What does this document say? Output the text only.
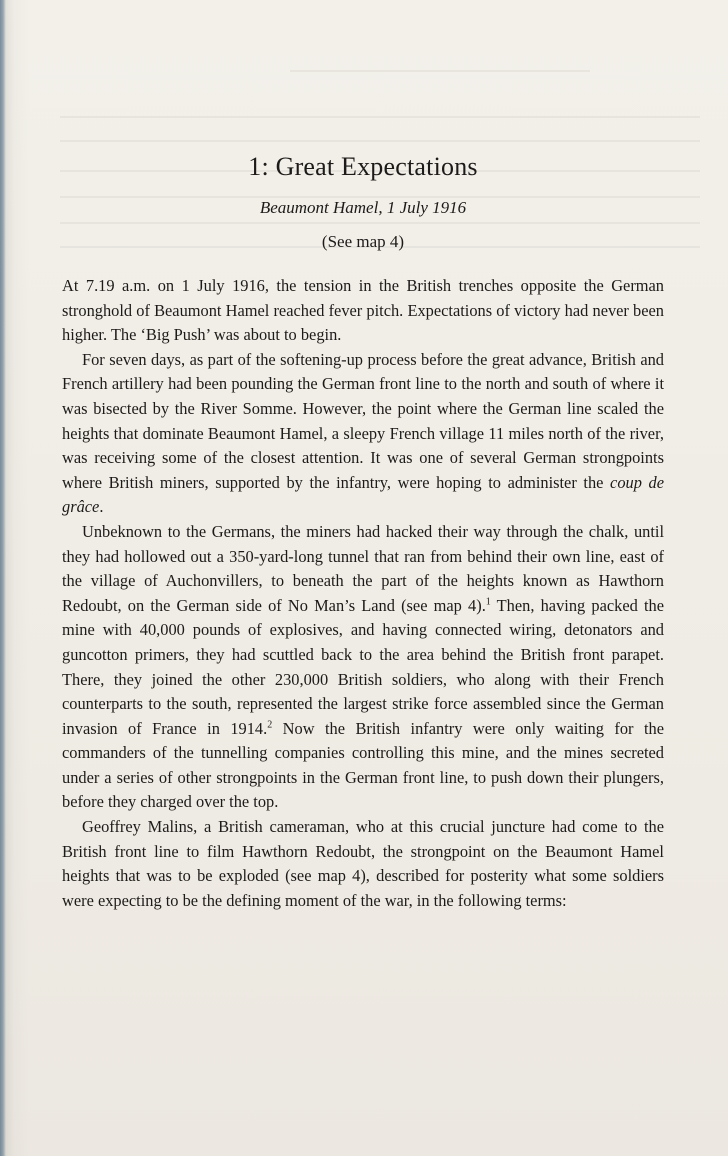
1: Great Expectations
Beaumont Hamel, 1 July 1916
(See map 4)

At 7.19 a.m. on 1 July 1916, the tension in the British trenches opposite the German stronghold of Beaumont Hamel reached fever pitch. Expectations of victory had never been higher. The ‘Big Push’ was about to begin.

For seven days, as part of the softening-up process before the great advance, British and French artillery had been pounding the German front line to the north and south of where it was bisected by the River Somme. However, the point where the German line scaled the heights that dominate Beaumont Hamel, a sleepy French village 11 miles north of the river, was receiving some of the closest attention. It was one of several German strongpoints where British miners, supported by the infantry, were hoping to administer the coup de grâce.

Unbeknown to the Germans, the miners had hacked their way through the chalk, until they had hollowed out a 350-yard-long tunnel that ran from behind their own line, east of the village of Auchonvillers, to beneath the part of the heights known as Hawthorn Redoubt, on the German side of No Man’s Land (see map 4).$^1$ Then, having packed the mine with 40,000 pounds of explosives, and having connected wiring, detonators and guncotton primers, they had scuttled back to the area behind the British front parapet. There, they joined the other 230,000 British soldiers, who along with their French counterparts to the south, represented the largest strike force assembled since the German invasion of France in 1914.$^2$ Now the British infantry were only waiting for the commanders of the tunnelling companies controlling this mine, and the mines secreted under a series of other strongpoints in the German front line, to push down their plungers, before they charged over the top.

Geoffrey Malins, a British cameraman, who at this crucial juncture had come to the British front line to film Hawthorn Redoubt, the strongpoint on the Beaumont Hamel heights that was to be exploded (see map 4), described for posterity what some soldiers were expecting to be the defining moment of the war, in the following terms:
